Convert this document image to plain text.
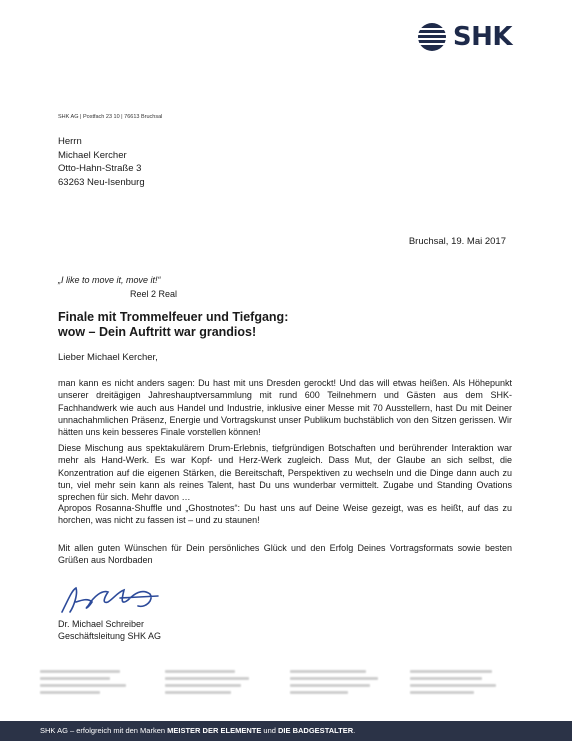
SHK
SHK AG | Postfach 23 10 | 76613 Bruchsal
Herrn
Michael Kercher
Otto-Hahn-Straße 3
63263 Neu-Isenburg
Bruchsal, 19. Mai 2017
„I like to move it, move it!“
Reel 2 Real
Finale mit Trommelfeuer und Tiefgang:
wow – Dein Auftritt war grandios!
Lieber Michael Kercher,
man kann es nicht anders sagen: Du hast mit uns Dresden gerockt! Und das will etwas heißen. Als Höhepunkt unserer dreitägigen Jahreshauptversammlung mit rund 600 Teilnehmern und Gästen aus dem SHK-Fachhandwerk wie auch aus Handel und Industrie, inklusive einer Messe mit 70 Ausstellern, hast Du mit Deiner unnachahmlichen Präsenz, Energie und Vortragskunst unser Publikum buchstäblich von den Sitzen gerissen. Wir hätten uns kein besseres Finale vorstellen können!
Diese Mischung aus spektakulärem Drum-Erlebnis, tiefgründigen Botschaften und berührender Interaktion war mehr als Hand-Werk. Es war Kopf- und Herz-Werk zugleich. Dass Mut, der Glaube an sich selbst, die Konzentration auf die eigenen Stärken, die Bereitschaft, Perspektiven zu wechseln und die Dinge dann auch zu tun, viel mehr sein kann als reines Talent, hast Du uns wunderbar vermittelt. Zugabe und Standing Ovations sprechen für sich. Mehr davon …
Apropos Rosanna-Shuffle und „Ghostnotes“: Du hast uns auf Deine Weise gezeigt, was es heißt, auf das zu horchen, was nicht zu fassen ist – und zu staunen!
Mit allen guten Wünschen für Dein persönliches Glück und den Erfolg Deines Vortragsformats sowie besten Grüßen aus Nordbaden
Dr. Michael Schreiber
Geschäftsleitung SHK AG
SHK AG – erfolgreich mit den Marken MEISTER DER ELEMENTE und DIE BADGESTALTER.
